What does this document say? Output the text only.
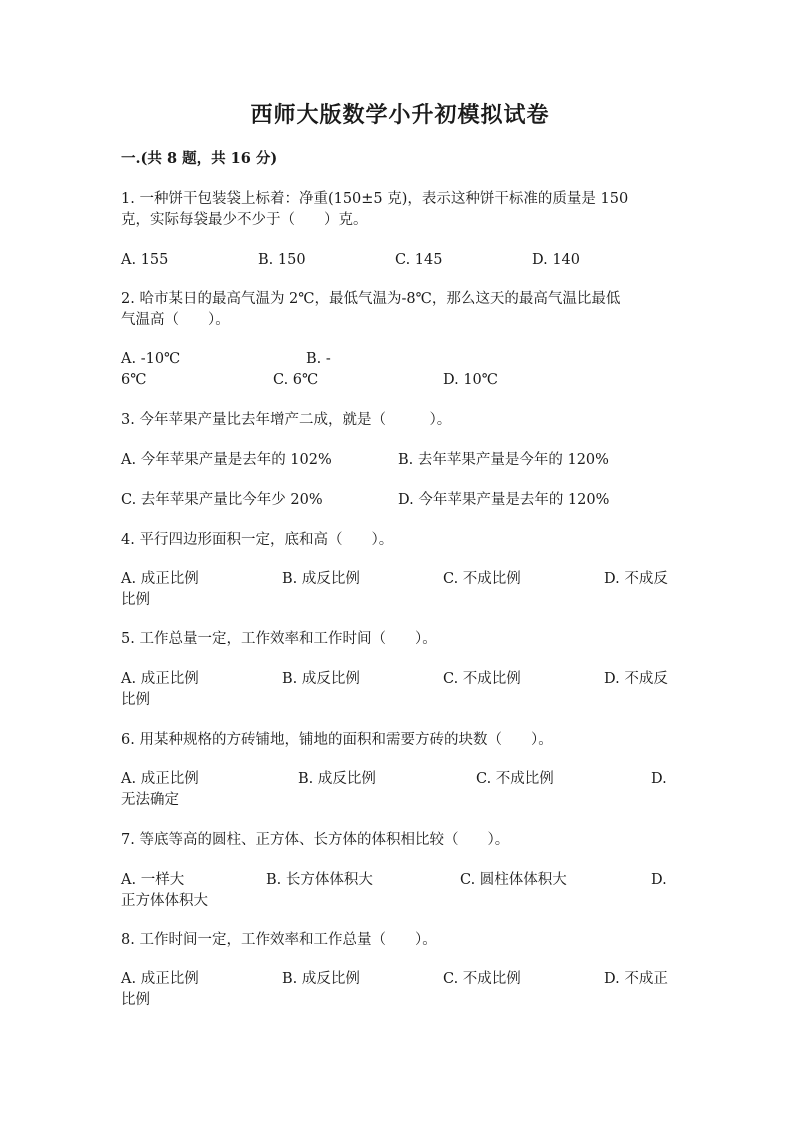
西师大版数学小升初模拟试卷
一.(共 8 题，共 16 分)
1. 一种饼干包装袋上标着：净重(150±5 克)，表示这种饼干标准的质量是 150
克，实际每袋最少不少于（　　）克。
A. 155	B. 150	C. 145	D. 140
2. 哈市某日的最高气温为 2℃，最低气温为-8℃，那么这天的最高气温比最低
气温高（　　）。
A. -10℃	B. -
6℃	C. 6℃	D. 10℃
3. 今年苹果产量比去年增产二成，就是（　　　）。
A. 今年苹果产量是去年的 102%	B. 去年苹果产量是今年的 120%
C. 去年苹果产量比今年少 20%	D. 今年苹果产量是去年的 120%
4. 平行四边形面积一定，底和高（　　）。
A. 成正比例	B. 成反比例	C. 不成比例	D. 不成反
比例
5. 工作总量一定，工作效率和工作时间（　　）。
A. 成正比例	B. 成反比例	C. 不成比例	D. 不成反
比例
6. 用某种规格的方砖铺地，铺地的面积和需要方砖的块数（　　）。
A. 成正比例	B. 成反比例	C. 不成比例	D.
无法确定
7. 等底等高的圆柱、正方体、长方体的体积相比较（　　）。
A. 一样大	B. 长方体体积大	C. 圆柱体体积大	D.
正方体体积大
8. 工作时间一定，工作效率和工作总量（　　）。
A. 成正比例	B. 成反比例	C. 不成比例	D. 不成正
比例
